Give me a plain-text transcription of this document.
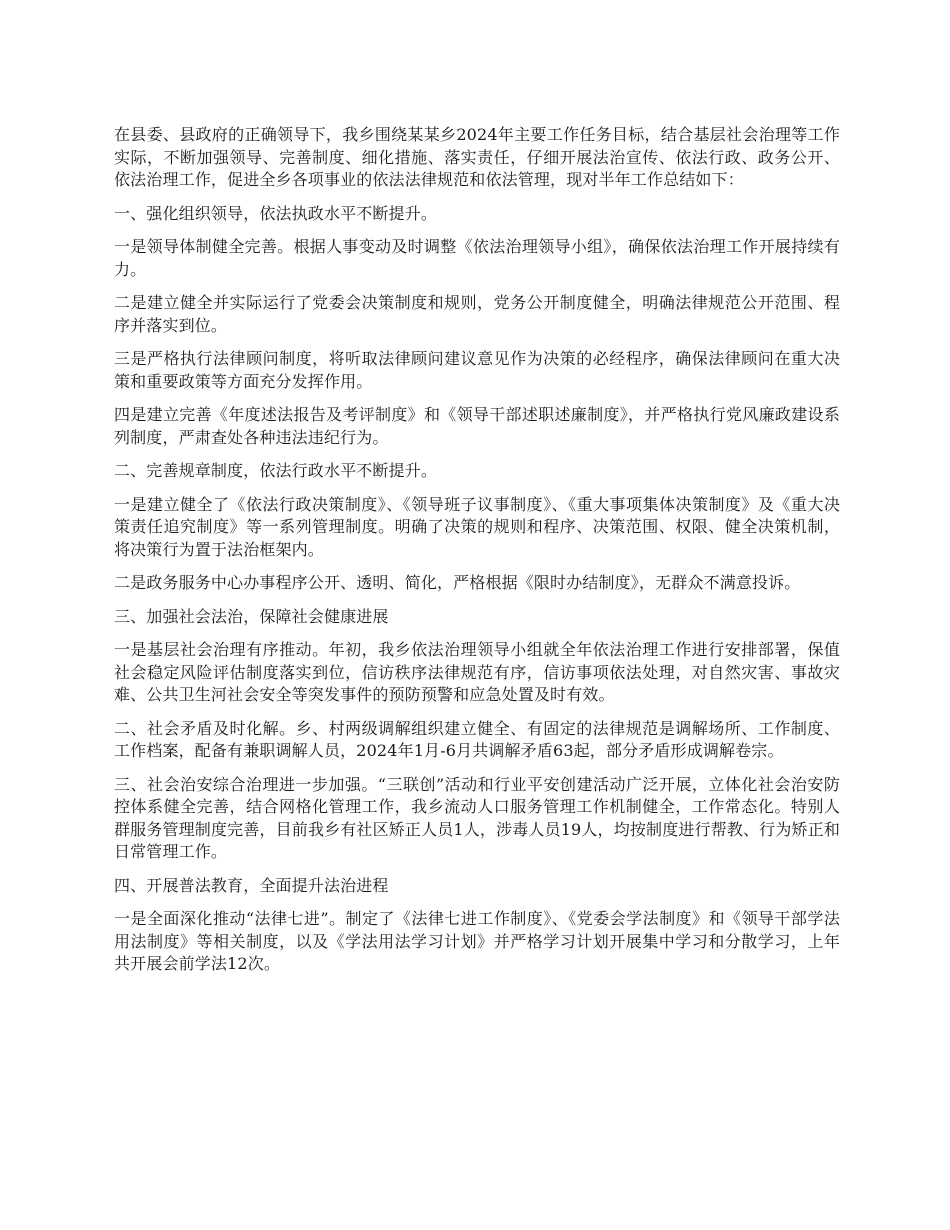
在县委、县政府的正确领导下，我乡围绕某某乡2024年主要工作任务目标，结合基层社会治理等工作实际，不断加强领导、完善制度、细化措施、落实责任，仔细开展法治宣传、依法行政、政务公开、依法治理工作，促进全乡各项事业的依法法律规范和依法管理，现对半年工作总结如下：

一、强化组织领导，依法执政水平不断提升。

一是领导体制健全完善。根据人事变动及时调整《依法治理领导小组》，确保依法治理工作开展持续有力。

二是建立健全并实际运行了党委会决策制度和规则，党务公开制度健全，明确法律规范公开范围、程序并落实到位。

三是严格执行法律顾问制度，将听取法律顾问建议意见作为决策的必经程序，确保法律顾问在重大决策和重要政策等方面充分发挥作用。

四是建立完善《年度述法报告及考评制度》和《领导干部述职述廉制度》，并严格执行党风廉政建设系列制度，严肃查处各种违法违纪行为。

二、完善规章制度，依法行政水平不断提升。

一是建立健全了《依法行政决策制度》、《领导班子议事制度》、《重大事项集体决策制度》及《重大决策责任追究制度》等一系列管理制度。明确了决策的规则和程序、决策范围、权限、健全决策机制，将决策行为置于法治框架内。

二是政务服务中心办事程序公开、透明、简化，严格根据《限时办结制度》，无群众不满意投诉。

三、加强社会法治，保障社会健康进展

一是基层社会治理有序推动。年初，我乡依法治理领导小组就全年依法治理工作进行安排部署，保值社会稳定风险评估制度落实到位，信访秩序法律规范有序，信访事项依法处理，对自然灾害、事故灾难、公共卫生河社会安全等突发事件的预防预警和应急处置及时有效。

二、社会矛盾及时化解。乡、村两级调解组织建立健全、有固定的法律规范是调解场所、工作制度、工作档案，配备有兼职调解人员，2024年1月-6月共调解矛盾63起，部分矛盾形成调解卷宗。

三、社会治安综合治理进一步加强。“三联创”活动和行业平安创建活动广泛开展，立体化社会治安防控体系健全完善，结合网格化管理工作，我乡流动人口服务管理工作机制健全，工作常态化。特别人群服务管理制度完善，目前我乡有社区矫正人员1人，涉毒人员19人，均按制度进行帮教、行为矫正和日常管理工作。

四、开展普法教育，全面提升法治进程

一是全面深化推动“法律七进”。制定了《法律七进工作制度》、《党委会学法制度》和《领导干部学法用法制度》等相关制度，以及《学法用法学习计划》并严格学习计划开展集中学习和分散学习，上年共开展会前学法12次。
